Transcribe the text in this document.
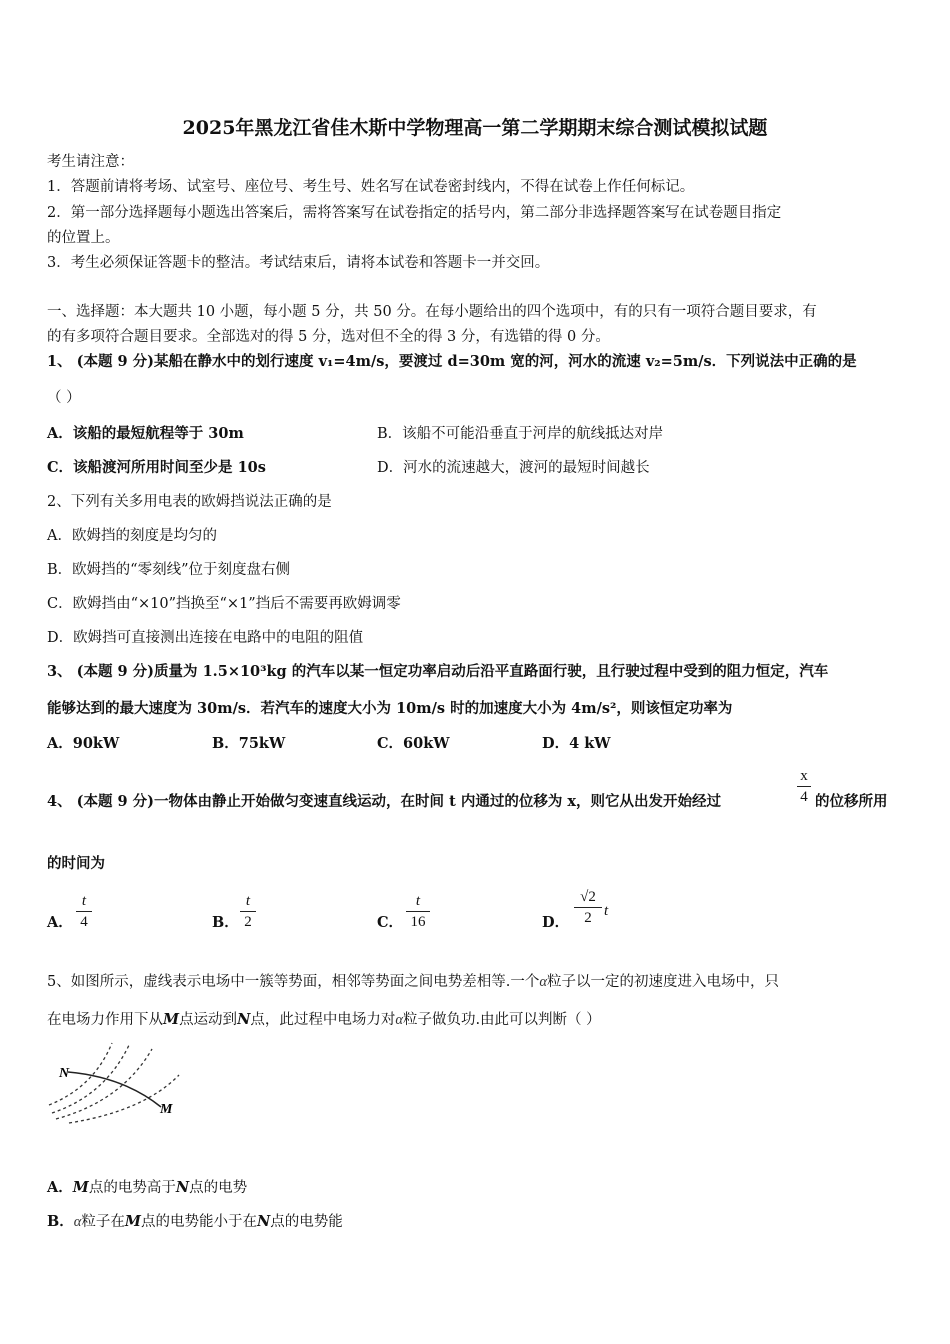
2025年黑龙江省佳木斯中学物理高一第二学期期末综合测试模拟试题
考生请注意：
1．答题前请将考场、试室号、座位号、考生号、姓名写在试卷密封线内，不得在试卷上作任何标记。
2．第一部分选择题每小题选出答案后，需将答案写在试卷指定的括号内，第二部分非选择题答案写在试卷题目指定
的位置上。
3．考生必须保证答题卡的整洁。考试结束后，请将本试卷和答题卡一并交回。
一、选择题：本大题共 10 小题，每小题 5 分，共 50 分。在每小题给出的四个选项中，有的只有一项符合题目要求，有
的有多项符合题目要求。全部选对的得 5 分，选对但不全的得 3 分，有选错的得 0 分。
1、 (本题 9 分)某船在静水中的划行速度 v₁=4m/s，要渡过 d=30m 宽的河，河水的流速 v₂=5m/s．下列说法中正确的是
（ ）
A．该船的最短航程等于 30m	B．该船不可能沿垂直于河岸的航线抵达对岸
C．该船渡河所用时间至少是 10s	D．河水的流速越大，渡河的最短时间越长
2、下列有关多用电表的欧姆挡说法正确的是
A．欧姆挡的刻度是均匀的
B．欧姆挡的“零刻线”位于刻度盘右侧
C．欧姆挡由“×10”挡换至“×1”挡后不需要再欧姆调零
D．欧姆挡可直接测出连接在电路中的电阻的阻值
3、 (本题 9 分)质量为 1.5×10³kg 的汽车以某一恒定功率启动后沿平直路面行驶，且行驶过程中受到的阻力恒定，汽车
能够达到的最大速度为 30m/s．若汽车的速度大小为 10m/s 时的加速度大小为 4m/s²，则该恒定功率为
A．90kW	B．75kW	C．60kW	D．4 kW
4、 (本题 9 分)一物体由静止开始做匀变速直线运动，在时间 t 内通过的位移为 x，则它从出发开始经过
x
4 的位移所用
的时间为
A．
t
4	B．
t
2	C．
t
16	D．
√2
2 t
5、如图所示，虚线表示电场中一簇等势面，相邻等势面之间电势差相等.一个α粒子以一定的初速度进入电场中，只
在电场力作用下从M点运动到N点，此过程中电场力对α粒子做负功.由此可以判断（ ）
N
M
A．M点的电势高于N点的电势
B．α粒子在M点的电势能小于在N点的电势能
